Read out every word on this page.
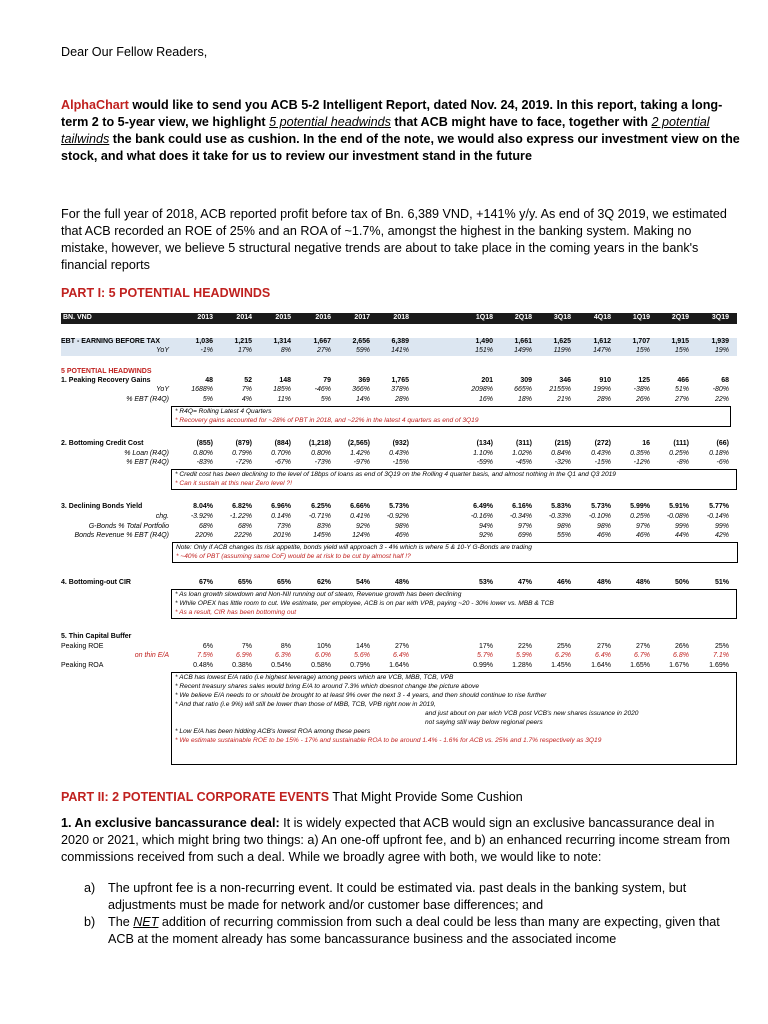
Dear Our Fellow Readers,
AlphaChart would like to send you ACB 5-2 Intelligent Report, dated Nov. 24, 2019. In this report, taking a long-term 2 to 5-year view, we highlight 5 potential headwinds that ACB might have to face, together with 2 potential tailwinds the bank could use as cushion. In the end of the note, we would also express our investment view on the stock, and what does it take for us to review our investment stand in the future
For the full year of 2018, ACB reported profit before tax of Bn. 6,389 VND, +141% y/y. As end of 3Q 2019, we estimated that ACB recorded an ROE of 25% and an ROA of ~1.7%, amongst the highest in the banking system. Making no mistake, however, we believe 5 structural negative trends are about to take place in the coming years in the bank's financial reports
PART I: 5 POTENTIAL HEADWINDS
BN. VND	2013	2014	2015	2016	2017	2018	1Q18	2Q18	3Q18	4Q18	1Q19	2Q19	3Q19
EBT - EARNING BEFORE TAX	1,036	1,215	1,314	1,667	2,656	6,389	1,490	1,661	1,625	1,612	1,707	1,915	1,939
YoY	-1%	17%	8%	27%	59%	141%	151%	149%	119%	147%	15%	15%	19%
5 POTENTIAL HEADWINDS
1. Peaking Recovery Gains	48	52	148	79	369	1,765	201	309	346	910	125	466	68
YoY	1688%	7%	185%	-46%	366%	378%	2098%	665%	2155%	199%	-38%	51%	-80%
% EBT (R4Q)	5%	4%	11%	5%	14%	28%	16%	18%	21%	28%	26%	27%	22%
* R4Q= Rolling Latest 4 Quarters
* Recovery gains accounted for ~28% of PBT in 2018, and ~22% in the latest 4 quarters as end of 3Q19
2. Bottoming Credit Cost	(855)	(879)	(884)	(1,218)	(2,565)	(932)	(134)	(311)	(215)	(272)	16	(111)	(66)
% Loan (R4Q)	0.80%	0.79%	0.70%	0.80%	1.42%	0.43%	1.10%	1.02%	0.84%	0.43%	0.35%	0.25%	0.18%
% EBT (R4Q)	-83%	-72%	-67%	-73%	-97%	-15%	-59%	-45%	-32%	-15%	-12%	-8%	-6%
* Credit cost has been declining to the level of 18bps of loans as end of 3Q19 on the Rolling 4 quarter basis, and almost nothing in the Q1 and Q3 2019
* Can it sustain at this near Zero level ?!
3. Declining Bonds Yield	8.04%	6.82%	6.96%	6.25%	6.66%	5.73%	6.49%	6.16%	5.83%	5.73%	5.99%	5.91%	5.77%
chg.	-3.92%	-1.22%	0.14%	-0.71%	0.41%	-0.92%	-0.16%	-0.34%	-0.33%	-0.10%	0.25%	-0.08%	-0.14%
G-Bonds % Total Portfolio	68%	68%	73%	83%	92%	98%	94%	97%	98%	98%	97%	99%	99%
Bonds Revenue % EBT (R4Q)	220%	222%	201%	145%	124%	46%	92%	69%	55%	46%	46%	44%	42%
Note: Only if ACB changes its risk appetite, bonds yield will approach 3 - 4% which is where 5 & 10-Y G-Bonds are trading
* ~40% of PBT (assuming same CoF) would be at risk to be cut by almost half !?
4. Bottoming-out CIR	67%	65%	65%	62%	54%	48%	53%	47%	46%	48%	48%	50%	51%
* As loan growth slowdown and Non-NII running out of steam, Revenue growth has been declining
* While OPEX has little room to cut. We estimate, per employee, ACB is on par with VPB, paying ~20 - 30% lower vs. MBB & TCB
* As a result, CIR has been bottoming out
5. Thin Capital Buffer
Peaking ROE	6%	7%	8%	10%	14%	27%	17%	22%	25%	27%	27%	26%	25%
on thin E/A	7.5%	6.9%	6.3%	6.0%	5.6%	6.4%	5.7%	5.9%	6.2%	6.4%	6.7%	6.8%	7.1%
Peaking ROA	0.48%	0.38%	0.54%	0.58%	0.79%	1.64%	0.99%	1.28%	1.45%	1.64%	1.65%	1.67%	1.69%
* ACB has lowest E/A ratio (i.e highest leverage) among peers which are VCB, MBB, TCB, VPB
* Recent treasury shares sales would bring E/A to around 7.3% which doesnot change the picture above
* We believe E/A needs to or should be brought to at least 9% over the next 3 - 4 years, and then should continue to rise further
* And that ratio (i.e 9%) will still be lower than those of MBB, TCB, VPB right now in 2019,
and just about on par wich VCB post VCB's new shares issuance in 2020
not saying still way below regional peers
* Low E/A has been hidding ACB's lowest ROA among these peers
* We estimate sustainable ROE to be 15% - 17% and sustainable ROA to be around 1.4% - 1.6% for ACB vs. 25% and 1.7% respectively as 3Q19
PART II: 2 POTENTIAL CORPORATE EVENTS That Might Provide Some Cushion
1. An exclusive bancassurance deal: It is widely expected that ACB would sign an exclusive bancassurance deal in 2020 or 2021, which might bring two things: a) An one-off upfront fee, and b) an enhanced recurring income stream from commissions received from such a deal. While we broadly agree with both, we would like to note:
a) The upfront fee is a non-recurring event. It could be estimated via. past deals in the banking system, but adjustments must be made for network and/or customer base differences; and
b) The NET addition of recurring commission from such a deal could be less than many are expecting, given that ACB at the moment already has some bancassurance business and the associated income
